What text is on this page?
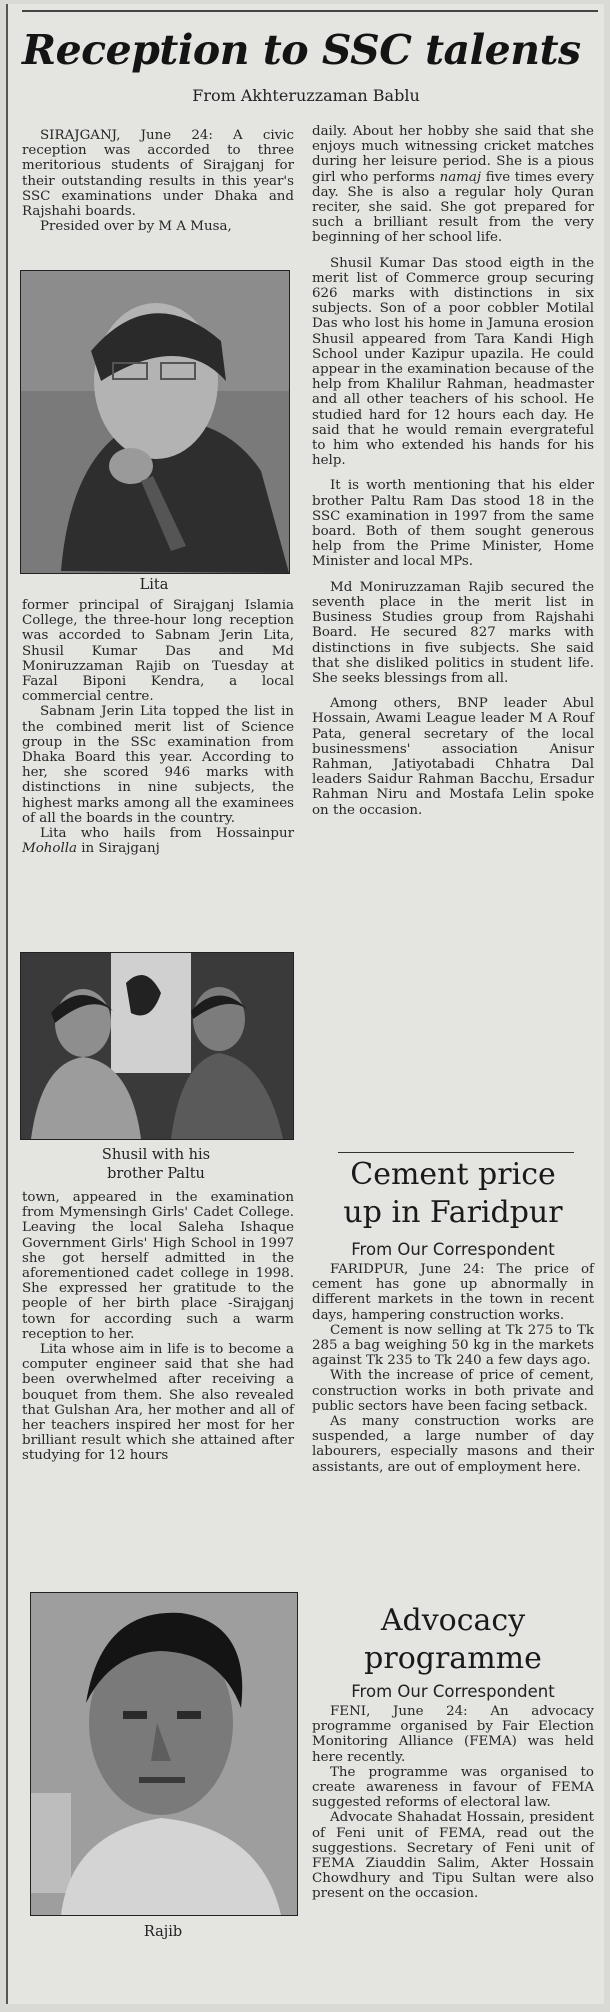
Reception to SSC talents
From Akhteruzzaman Bablu

SIRAJGANJ, June 24: A civic reception was accorded to three meritorious students of Sirajganj for their outstanding results in this year's SSC examinations under Dhaka and Rajshahi boards.

Presided over by M A Musa,

Lita

former principal of Sirajganj Islamia College, the three-hour long reception was accorded to Sabnam Jerin Lita, Shusil Kumar Das and Md Moniruzzaman Rajib on Tuesday at Fazal Biponi Kendra, a local commercial centre.

Sabnam Jerin Lita topped the list in the combined merit list of Science group in the SSc examination from Dhaka Board this year. According to her, she scored 946 marks with distinctions in nine subjects, the highest marks among all the examinees of all the boards in the country.

Lita who hails from Hossainpur Moholla in Sirajganj

Shusil with his
brother Paltu

town, appeared in the examination from Mymensingh Girls' Cadet College. Leaving the local Saleha Ishaque Government Girls' High School in 1997 she got herself admitted in the aforementioned cadet college in 1998. She expressed her gratitude to the people of her birth place -Sirajganj town for according such a warm reception to her.

Lita whose aim in life is to become a computer engineer said that she had been overwhelmed after receiving a bouquet from them. She also revealed that Gulshan Ara, her mother and all of her teachers inspired her most for her brilliant result which she attained after studying for 12 hours

Rajib

daily. About her hobby she said that she enjoys much witnessing cricket matches during her leisure period. She is a pious girl who performs namaj five times every day. She is also a regular holy Quran reciter, she said. She got prepared for such a brilliant result from the very beginning of her school life.

Shusil Kumar Das stood eigth in the merit list of Commerce group securing 626 marks with distinctions in six subjects. Son of a poor cobbler Motilal Das who lost his home in Jamuna erosion Shusil appeared from Tara Kandi High School under Kazipur upazila. He could appear in the examination because of the help from Khalilur Rahman, headmaster and all other teachers of his school. He studied hard for 12 hours each day. He said that he would remain evergrateful to him who extended his hands for his help.

It is worth mentioning that his elder brother Paltu Ram Das stood 18 in the SSC examination in 1997 from the same board. Both of them sought generous help from the Prime Minister, Home Minister and local MPs.

Md Moniruzzaman Rajib secured the seventh place in the merit list in Business Studies group from Rajshahi Board. He secured 827 marks with distinctions in five subjects. She said that she disliked politics in student life. She seeks blessings from all.

Among others, BNP leader Abul Hossain, Awami League leader M A Rouf Pata, general secretary of the local businessmens' association Anisur Rahman, Jatiyotabadi Chhatra Dal leaders Saidur Rahman Bacchu, Ersadur Rahman Niru and Mostafa Lelin spoke on the occasion.

Cement price
up in Faridpur
From Our Correspondent

FARIDPUR, June 24: The price of cement has gone up abnormally in different markets in the town in recent days, hampering construction works.

Cement is now selling at Tk 275 to Tk 285 a bag weighing 50 kg in the markets against Tk 235 to Tk 240 a few days ago.

With the increase of price of cement, construction works in both private and public sectors have been facing setback.

As many construction works are suspended, a large number of day labourers, especially masons and their assistants, are out of employment here.

Advocacy
programme
From Our Correspondent

FENI, June 24: An advocacy programme organised by Fair Election Monitoring Alliance (FEMA) was held here recently.

The programme was organised to create awareness in favour of FEMA suggested reforms of electoral law.

Advocate Shahadat Hossain, president of Feni unit of FEMA, read out the suggestions. Secretary of Feni unit of FEMA Ziauddin Salim, Akter Hossain Chowdhury and Tipu Sultan were also present on the occasion.
